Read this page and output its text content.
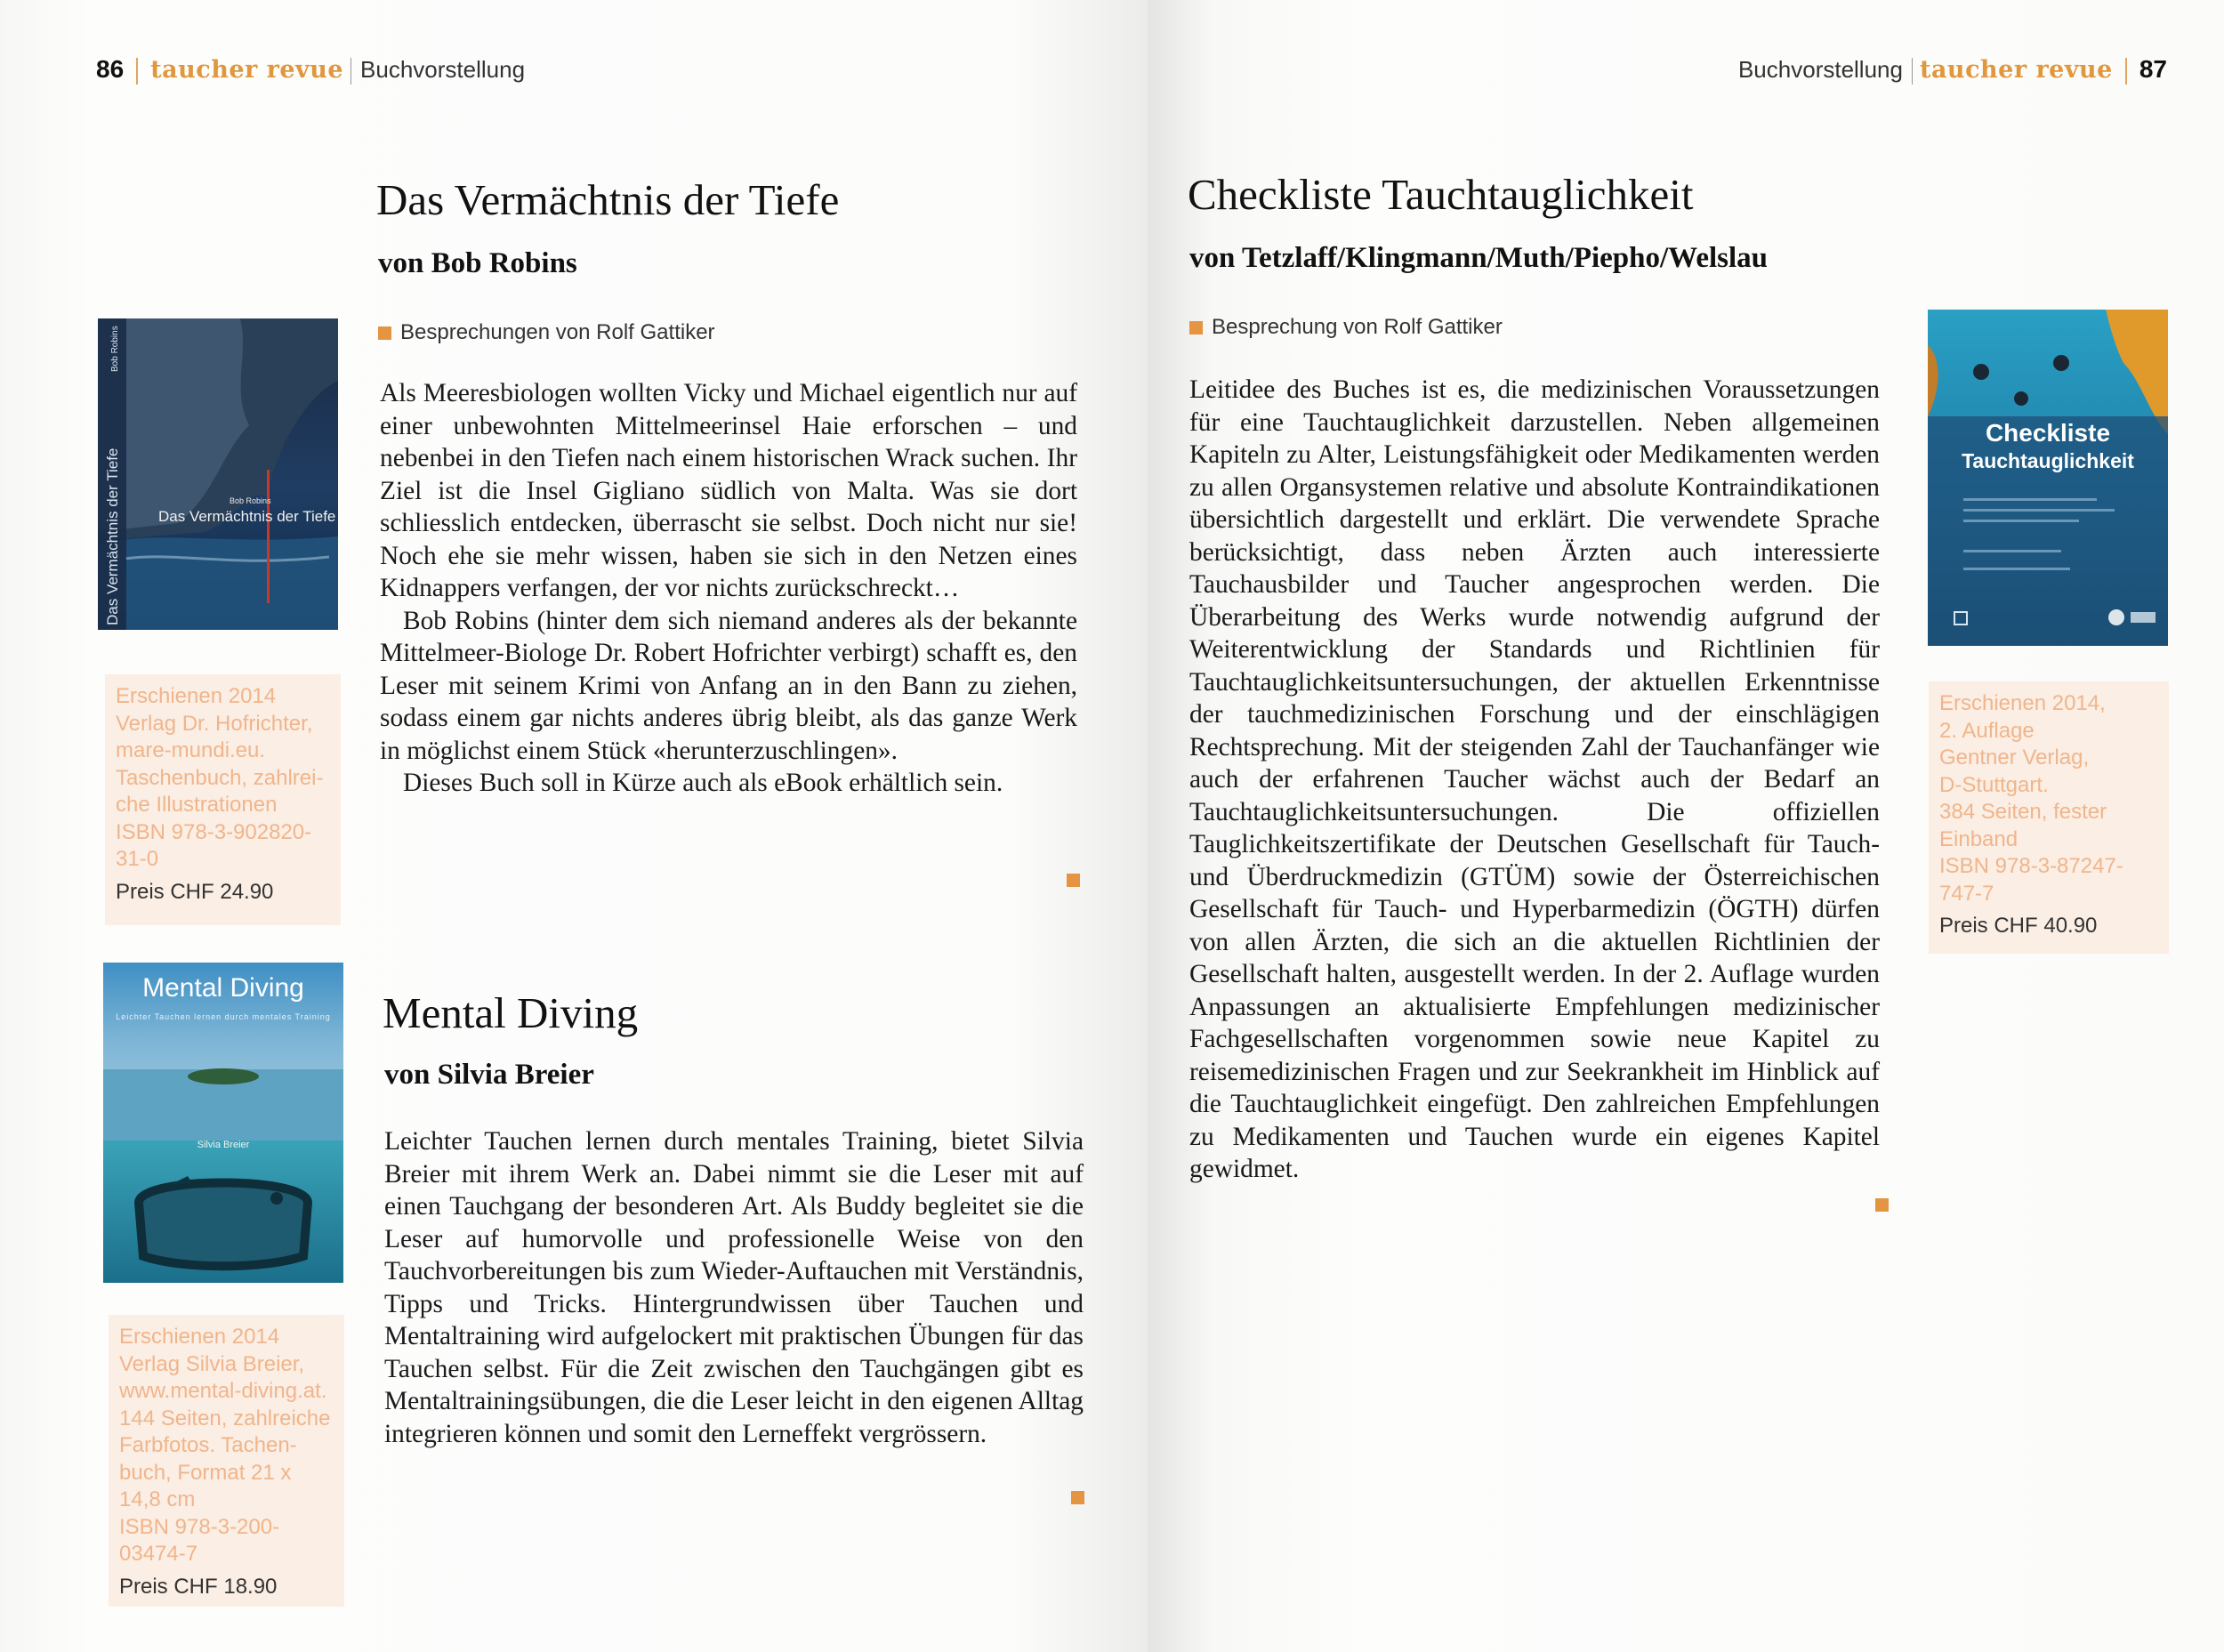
86 taucher revue Buchvorstellung
Das Vermächtnis der Tiefe
von Bob Robins
Besprechungen von Rolf Gattiker
Bob Robins
Das Vermächtnis der Tiefe
Das Vermächtnis der Tiefe
Bob Robins
Erschienen 2014
Verlag Dr. Hofrichter,
mare-mundi.eu.
Taschenbuch, zahlrei-
che Illustrationen
ISBN 978-3-902820-
31-0
Preis CHF 24.90

Als Meeresbiologen wollten Vicky und Michael eigentlich nur auf einer unbewohnten Mittelmeerinsel Haie erforschen – und nebenbei in den Tiefen nach einem historischen Wrack suchen. Ihr Ziel ist die Insel Gigliano südlich von Malta. Was sie dort schliesslich entdecken, überrascht sie selbst. Doch nicht nur sie! Noch ehe sie mehr wissen, haben sie sich in den Netzen eines Kidnappers verfangen, der vor nichts zurückschreckt…

Bob Robins (hinter dem sich niemand anderes als der bekannte Mittelmeer-Biologe Dr. Robert Hofrichter verbirgt) schafft es, den Leser mit seinem Krimi von Anfang an in den Bann zu ziehen, sodass einem gar nichts anderes übrig bleibt, als das ganze Werk in möglichst einem Stück «herunterzuschlingen».

Dieses Buch soll in Kürze auch als eBook erhältlich sein.

Mental Diving
von Silvia Breier
Mental Diving
Leichter Tauchen lernen durch mentales Training
Silvia Breier
Erschienen 2014
Verlag Silvia Breier,
www.mental-diving.at.
144 Seiten, zahlreiche
Farbfotos. Tachen-
buch, Format 21 x
14,8 cm
ISBN 978-3-200-
03474-7
Preis CHF 18.90

Leichter Tauchen lernen durch mentales Training, bietet Silvia Breier mit ihrem Werk an. Dabei nimmt sie die Leser mit auf einen Tauchgang der besonderen Art. Als Buddy begleitet sie die Leser auf humorvolle und professionelle Weise von den Tauchvorbereitungen bis zum Wieder-Auftauchen mit Verständnis, Tipps und Tricks. Hintergrundwissen über Tauchen und Mentaltraining wird aufgelockert mit praktischen Übungen für das Tauchen selbst. Für die Zeit zwischen den Tauchgängen gibt es Mentaltrainingsübungen, die die Leser leicht in den eigenen Alltag integrieren können und somit den Lerneffekt vergrössern.

Buchvorstellung taucher revue 87
Checkliste Tauchtauglichkeit
von Tetzlaff/Klingmann/Muth/Piepho/Welslau
Besprechung von Rolf Gattiker

Leitidee des Buches ist es, die medizinischen Voraussetzungen für eine Tauchtauglichkeit darzustellen. Neben allgemeinen Kapiteln zu Alter, Leistungsfähigkeit oder Medikamenten werden zu allen Organsystemen relative und absolute Kontraindikationen übersichtlich dargestellt und erklärt. Die verwendete Sprache berücksichtigt, dass neben Ärzten auch interessierte Tauchausbilder und Taucher angesprochen werden. Die Überarbeitung des Werks wurde notwendig aufgrund der Weiterentwicklung der Standards und Richtlinien für Tauchtauglichkeitsuntersuchungen, der aktuellen Erkenntnisse der tauchmedizinischen Forschung und der einschlägigen Rechtsprechung. Mit der steigenden Zahl der Tauchanfänger wie auch der erfahrenen Taucher wächst auch der Bedarf an Tauchtauglichkeitsuntersuchungen. Die offiziellen Tauglichkeitszertifikate der Deutschen Gesellschaft für Tauch- und Überdruckmedizin (GTÜM) sowie der Österreichischen Gesellschaft für Tauch- und Hyperbarmedizin (ÖGTH) dürfen von allen Ärzten, die sich an die aktuellen Richtlinien der Gesellschaft halten, ausgestellt werden. In der 2. Auflage wurden Anpassungen an aktualisierte Empfehlungen medizinischer Fachgesellschaften vorgenommen sowie neue Kapitel zu reisemedizinischen Fragen und zur Seekrankheit im Hinblick auf die Tauchtauglichkeit eingefügt. Den zahlreichen Empfehlungen zu Medikamenten und Tauchen wurde ein eigenes Kapitel gewidmet.

Checkliste
Tauchtauglichkeit
Erschienen 2014,
2. Auflage
Gentner Verlag,
D-Stuttgart.
384 Seiten, fester
Einband
ISBN 978-3-87247-
747-7
Preis CHF 40.90
